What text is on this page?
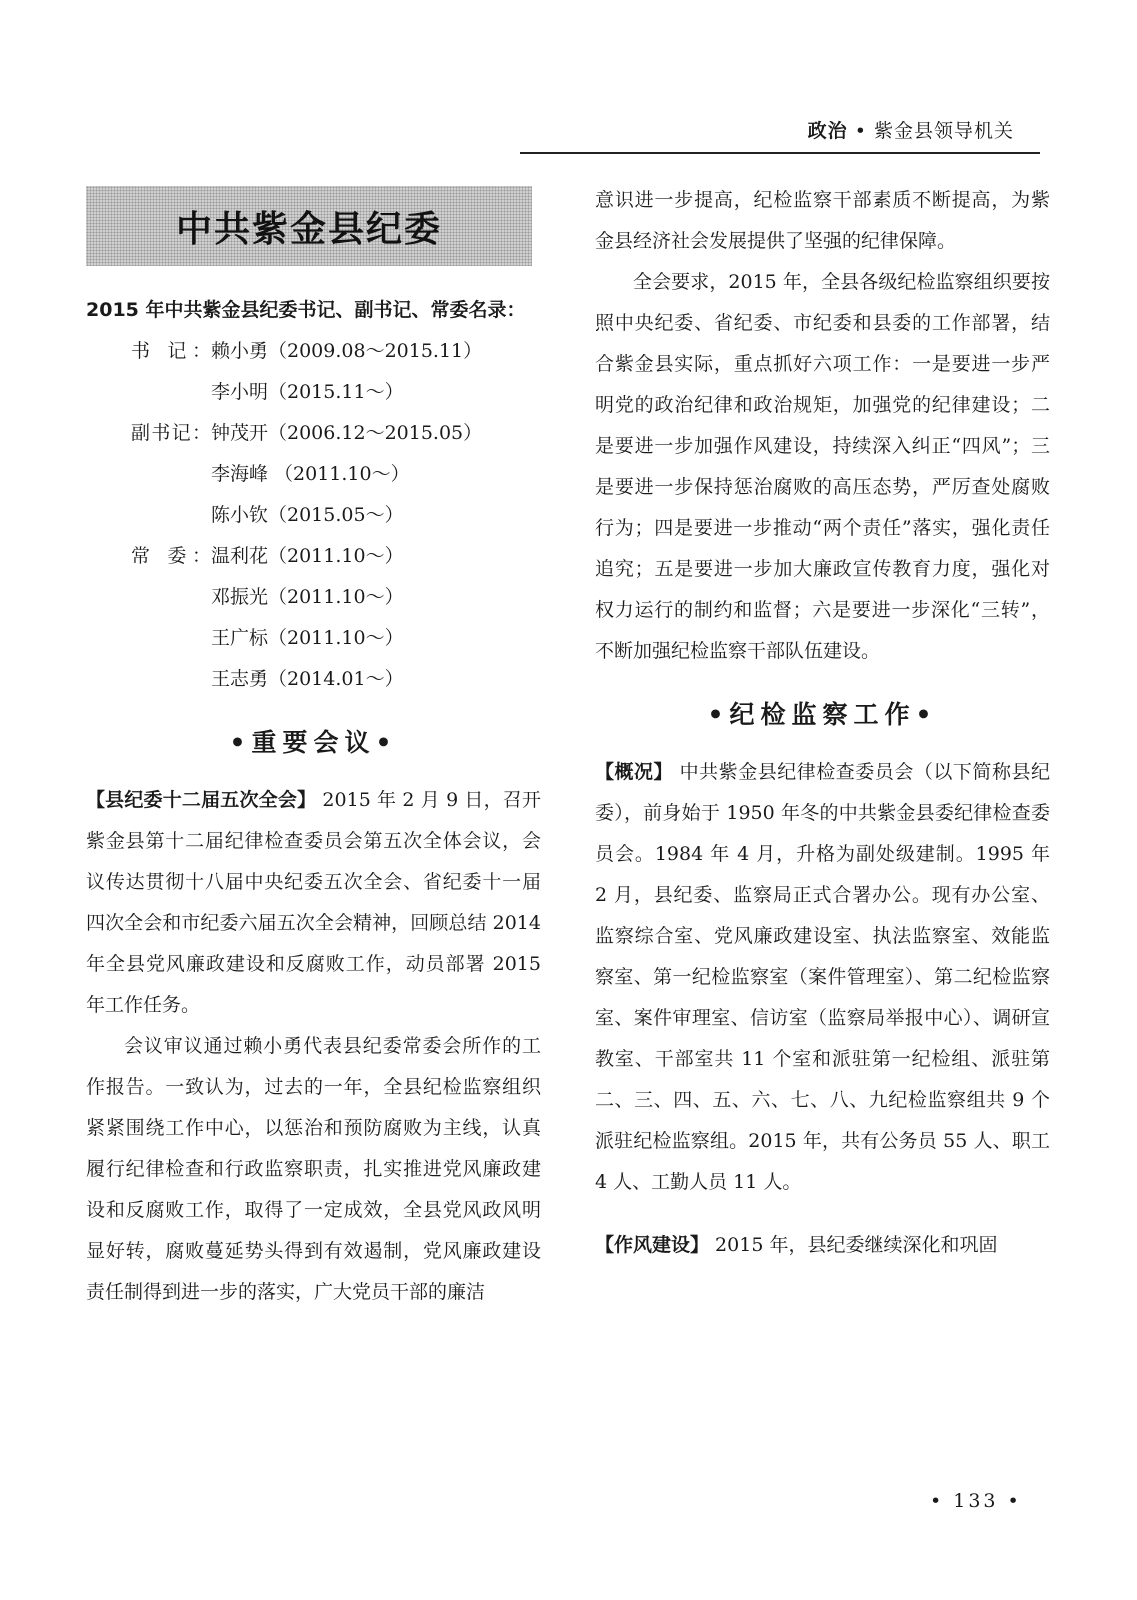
政治 • 紫金县领导机关
中共紫金县纪委

2015 年中共紫金县纪委书记、副书记、常委名录：

书 记：赖小勇（2009.08～2015.11）
李小明（2015.11～）
副书记：钟茂开（2006.12～2015.05）
李海峰 （2011.10～）
陈小钦（2015.05～）
常 委：温利花（2011.10～）
邓振光（2011.10～）
王广标（2011.10～）
王志勇（2014.01～）
•重要会议•

【县纪委十二届五次全会】 2015 年 2 月 9 日，召开紫金县第十二届纪律检查委员会第五次全体会议，会议传达贯彻十八届中央纪委五次全会、省纪委十一届四次全会和市纪委六届五次全会精神，回顾总结 2014 年全县党风廉政建设和反腐败工作，动员部署 2015 年工作任务。

会议审议通过赖小勇代表县纪委常委会所作的工作报告。一致认为，过去的一年，全县纪检监察组织紧紧围绕工作中心，以惩治和预防腐败为主线，认真履行纪律检查和行政监察职责，扎实推进党风廉政建设和反腐败工作，取得了一定成效，全县党风政风明显好转，腐败蔓延势头得到有效遏制，党风廉政建设责任制得到进一步的落实，广大党员干部的廉洁

意识进一步提高，纪检监察干部素质不断提高，为紫金县经济社会发展提供了坚强的纪律保障。

全会要求，2015 年，全县各级纪检监察组织要按照中央纪委、省纪委、市纪委和县委的工作部署，结合紫金县实际，重点抓好六项工作：一是要进一步严明党的政治纪律和政治规矩，加强党的纪律建设；二是要进一步加强作风建设，持续深入纠正“四风”；三是要进一步保持惩治腐败的高压态势，严厉查处腐败行为；四是要进一步推动“两个责任”落实，强化责任追究；五是要进一步加大廉政宣传教育力度，强化对权力运行的制约和监督；六是要进一步深化“三转”，不断加强纪检监察干部队伍建设。

•纪检监察工作•

【概况】 中共紫金县纪律检查委员会（以下简称县纪委），前身始于 1950 年冬的中共紫金县委纪律检查委员会。1984 年 4 月，升格为副处级建制。1995 年 2 月，县纪委、监察局正式合署办公。现有办公室、监察综合室、党风廉政建设室、执法监察室、效能监察室、第一纪检监察室（案件管理室）、第二纪检监察室、案件审理室、信访室（监察局举报中心）、调研宣教室、干部室共 11 个室和派驻第一纪检组、派驻第二、三、四、五、六、七、八、九纪检监察组共 9 个派驻纪检监察组。2015 年，共有公务员 55 人、职工 4 人、工勤人员 11 人。

【作风建设】 2015 年，县纪委继续深化和巩固

• 133 •
